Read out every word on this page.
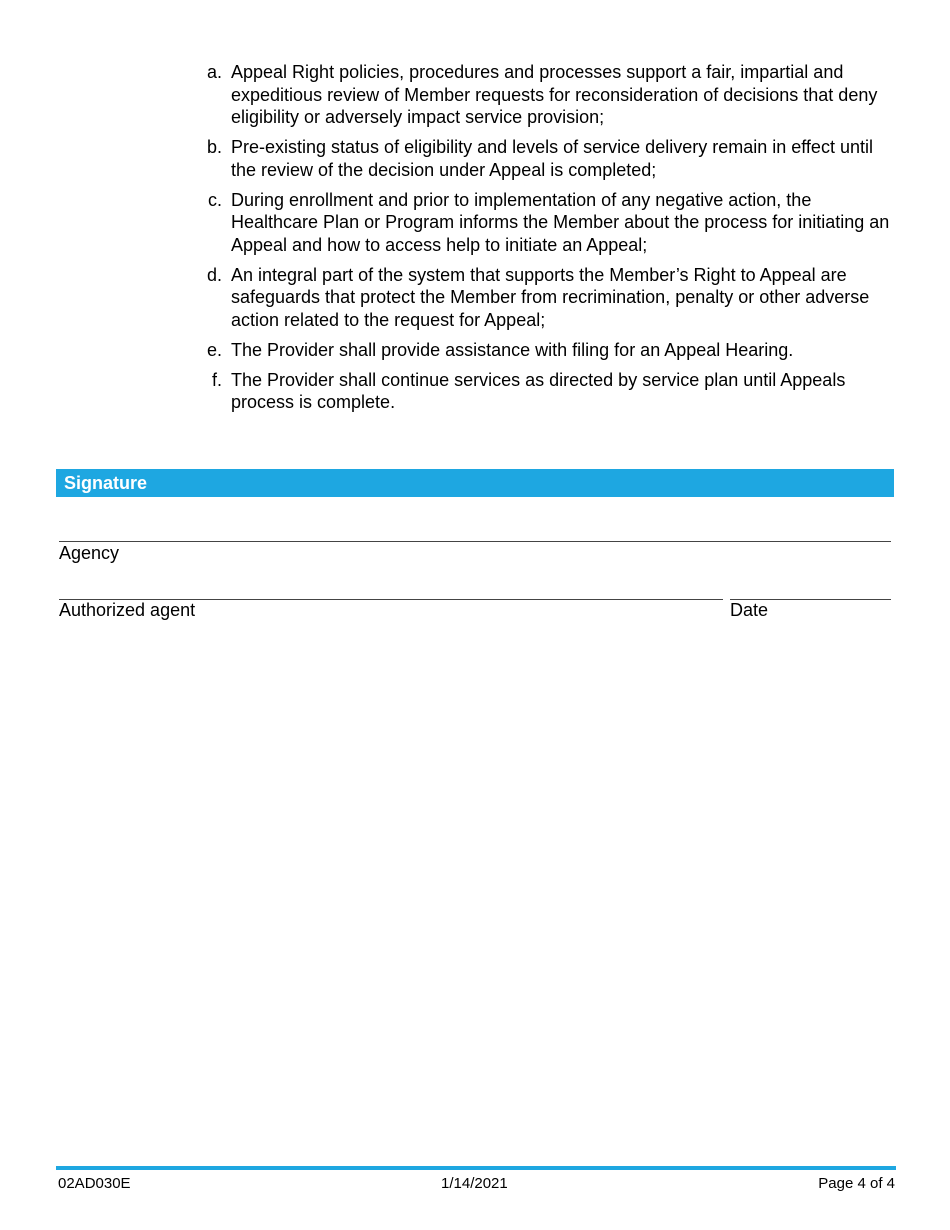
a. Appeal Right policies, procedures and processes support a fair, impartial and expeditious review of Member requests for reconsideration of decisions that deny eligibility or adversely impact service provision;
b. Pre-existing status of eligibility and levels of service delivery remain in effect until the review of the decision under Appeal is completed;
c. During enrollment and prior to implementation of any negative action, the Healthcare Plan or Program informs the Member about the process for initiating an Appeal and how to access help to initiate an Appeal;
d. An integral part of the system that supports the Member’s Right to Appeal are safeguards that protect the Member from recrimination, penalty or other adverse action related to the request for Appeal;
e. The Provider shall provide assistance with filing for an Appeal Hearing.
f. The Provider shall continue services as directed by service plan until Appeals process is complete.
Signature
Agency
Authorized agent	Date
02AD030E	1/14/2021	Page 4 of 4
